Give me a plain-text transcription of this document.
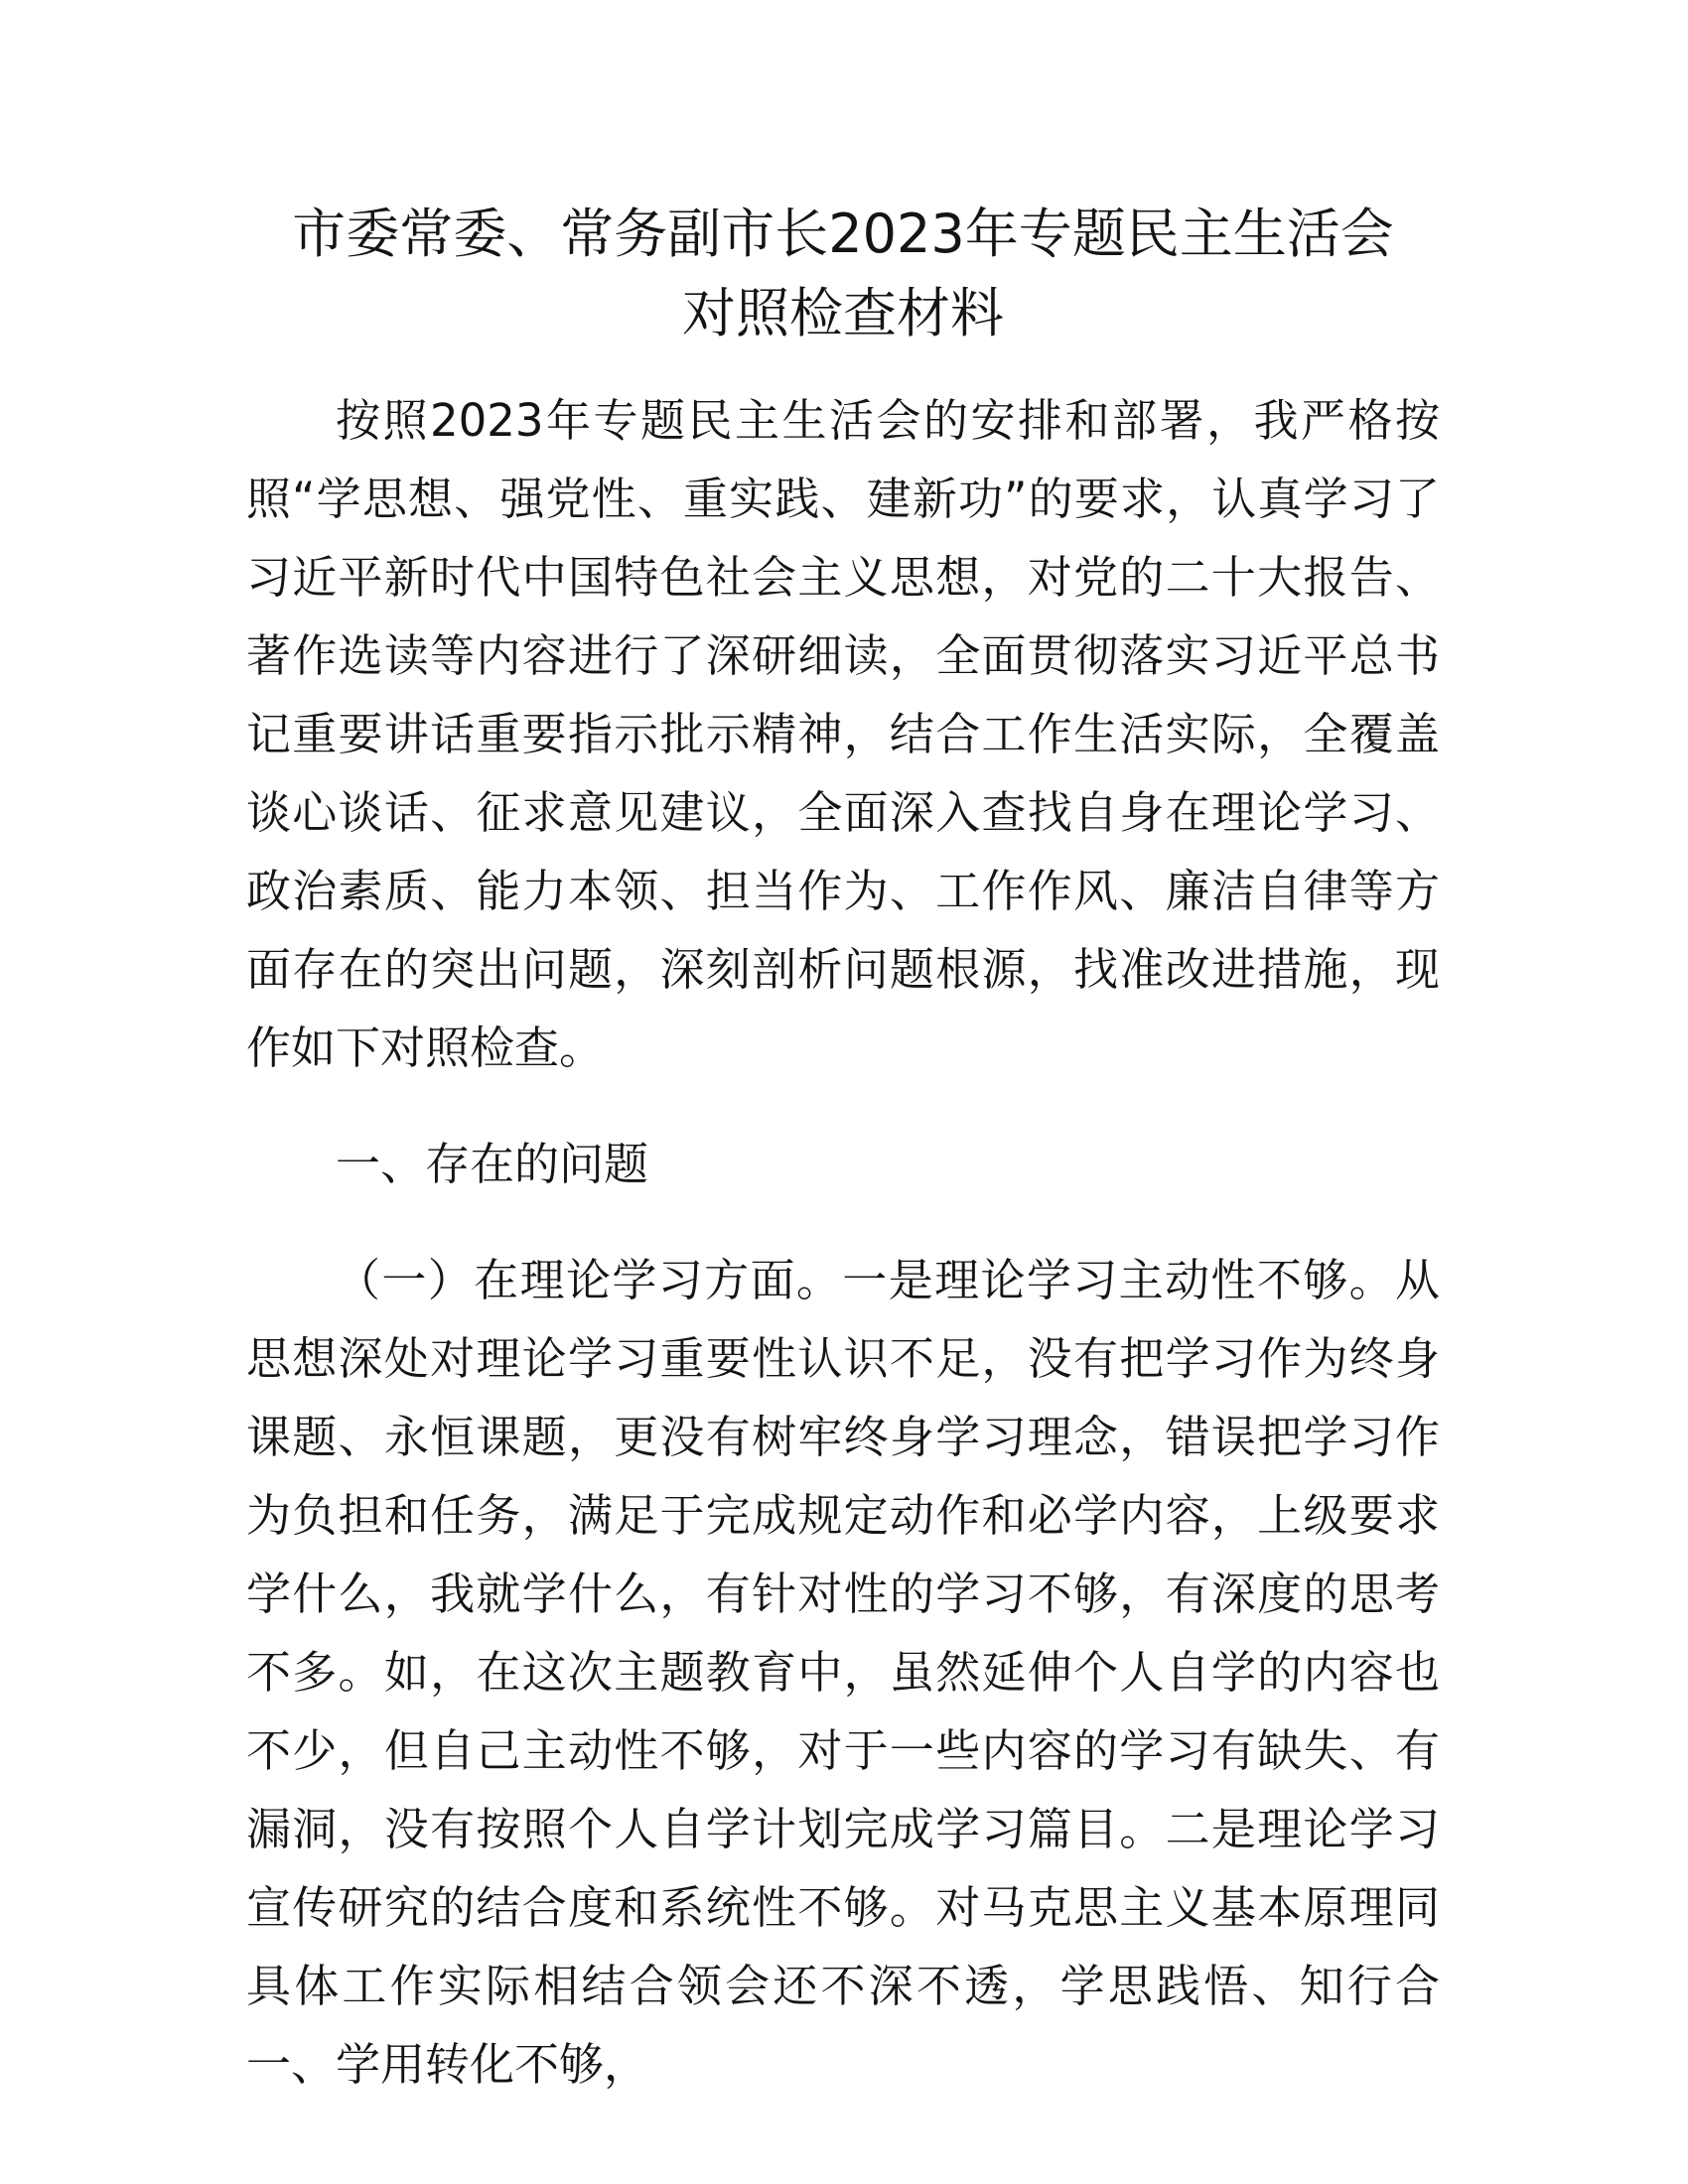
市委常委、常务副市长2023年专题民主生活会
对照检查材料

按照2023年专题民主生活会的安排和部署，我严格按照“学思想、强党性、重实践、建新功”的要求，认真学习了习近平新时代中国特色社会主义思想，对党的二十大报告、著作选读等内容进行了深研细读，全面贯彻落实习近平总书记重要讲话重要指示批示精神，结合工作生活实际，全覆盖谈心谈话、征求意见建议，全面深入查找自身在理论学习、政治素质、能力本领、担当作为、工作作风、廉洁自律等方面存在的突出问题，深刻剖析问题根源，找准改进措施，现作如下对照检查。

一、存在的问题

（一）在理论学习方面。一是理论学习主动性不够。从思想深处对理论学习重要性认识不足，没有把学习作为终身课题、永恒课题，更没有树牢终身学习理念，错误把学习作为负担和任务，满足于完成规定动作和必学内容，上级要求学什么，我就学什么，有针对性的学习不够，有深度的思考不多。如，在这次主题教育中，虽然延伸个人自学的内容也不少，但自己主动性不够，对于一些内容的学习有缺失、有漏洞，没有按照个人自学计划完成学习篇目。二是理论学习宣传研究的结合度和系统性不够。对马克思主义基本原理同具体工作实际相结合领会还不深不透，学思践悟、知行合一、学用转化不够，
